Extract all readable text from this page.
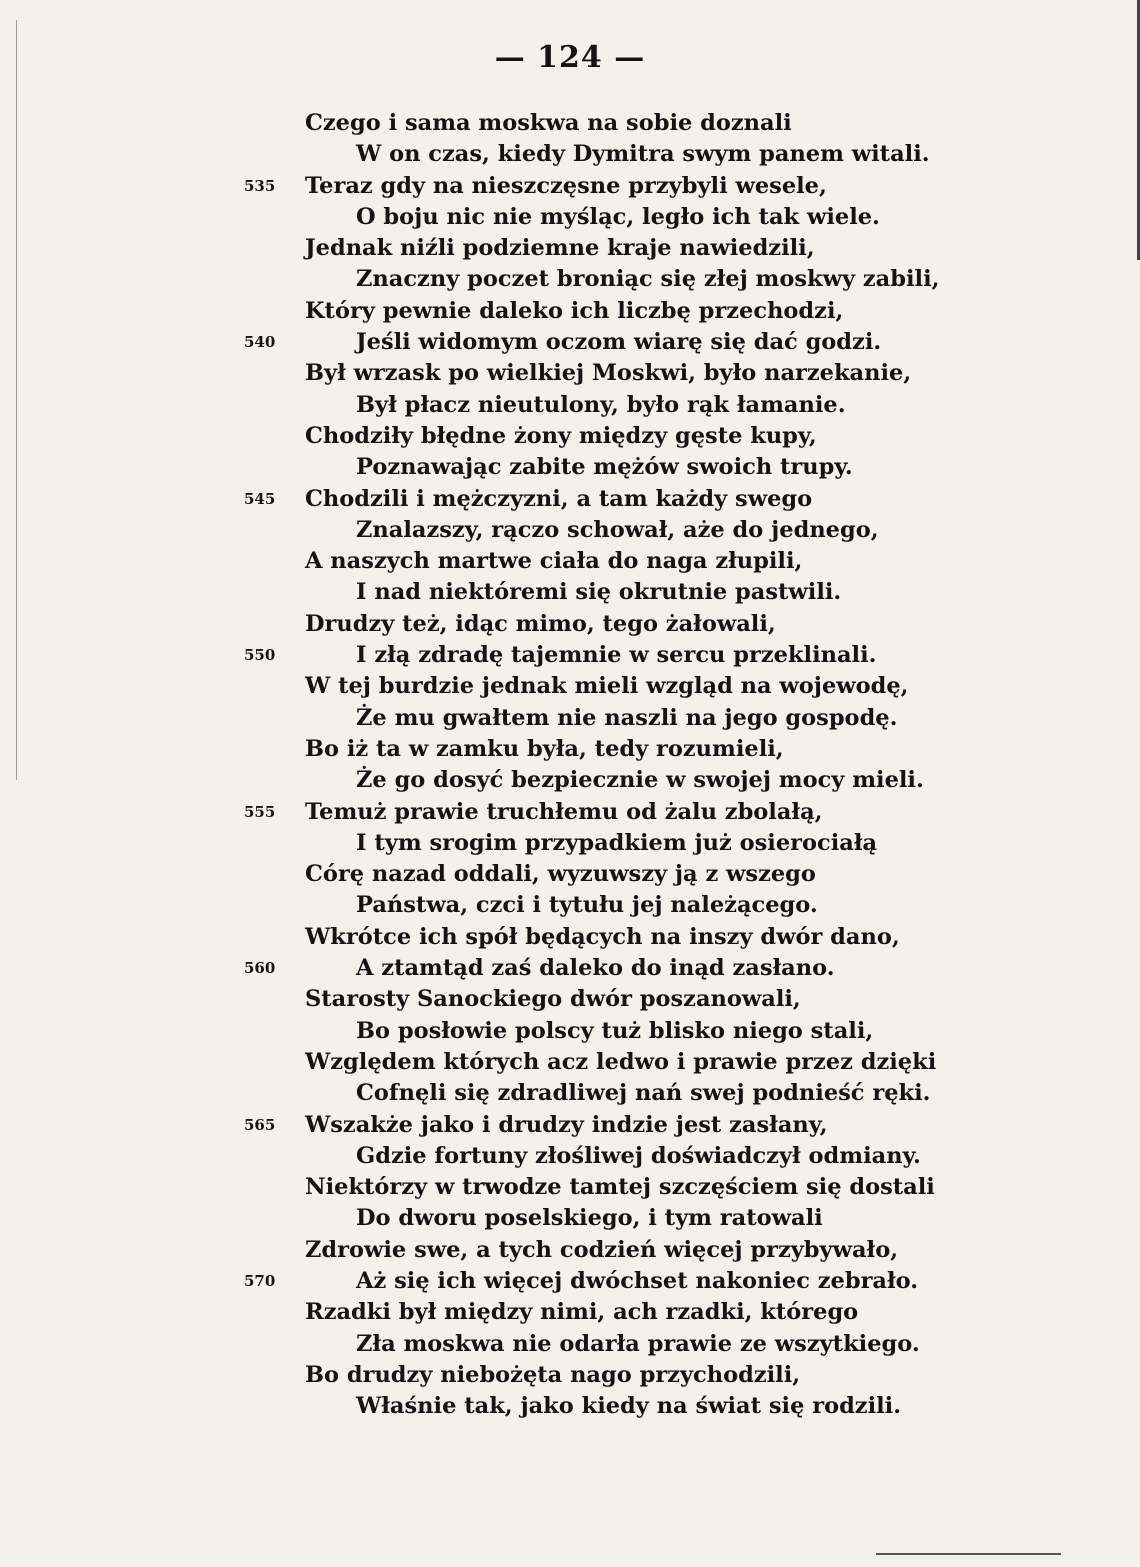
— 124 —
Czego i sama moskwa na sobie doznali
W on czas, kiedy Dymitra swym panem witali.
535	Teraz gdy na nieszczęsne przybyli wesele,
O boju nic nie myśląc, legło ich tak wiele.
Jednak niźli podziemne kraje nawiedzili,
Znaczny poczet broniąc się złej moskwy zabili,
Który pewnie daleko ich liczbę przechodzi,
540	Jeśli widomym oczom wiarę się dać godzi.
Był wrzask po wielkiej Moskwi, było narzekanie,
Był płacz nieutulony, było rąk łamanie.
Chodziły błędne żony między gęste kupy,
Poznawając zabite mężów swoich trupy.
545	Chodzili i mężczyzni, a tam każdy swego
Znalazszy, rączo schował, aże do jednego,
A naszych martwe ciała do naga złupili,
I nad niektóremi się okrutnie pastwili.
Drudzy też, idąc mimo, tego żałowali,
550	I złą zdradę tajemnie w sercu przeklinali.
W tej burdzie jednak mieli wzgląd na wojewodę,
Że mu gwałtem nie naszli na jego gospodę.
Bo iż ta w zamku była, tedy rozumieli,
Że go dosyć bezpiecznie w swojej mocy mieli.
555	Temuż prawie truchłemu od żalu zbolałą,
I tym srogim przypadkiem już osierociałą
Córę nazad oddali, wyzuwszy ją z wszego
Państwa, czci i tytułu jej należącego.
Wkrótce ich spół będących na inszy dwór dano,
560	A ztamtąd zaś daleko do inąd zasłano.
Starosty Sanockiego dwór poszanowali,
Bo posłowie polscy tuż blisko niego stali,
Względem których acz ledwo i prawie przez dzięki
Cofnęli się zdradliwej nań swej podnieść ręki.
565	Wszakże jako i drudzy indzie jest zasłany,
Gdzie fortuny złośliwej doświadczył odmiany.
Niektórzy w trwodze tamtej szczęściem się dostali
Do dworu poselskiego, i tym ratowali
Zdrowie swe, a tych codzień więcej przybywało,
570	Aż się ich więcej dwóchset nakoniec zebrało.
Rzadki był między nimi, ach rzadki, którego
Zła moskwa nie odarła prawie ze wszytkiego.
Bo drudzy niebożęta nago przychodzili,
Właśnie tak, jako kiedy na świat się rodzili.
